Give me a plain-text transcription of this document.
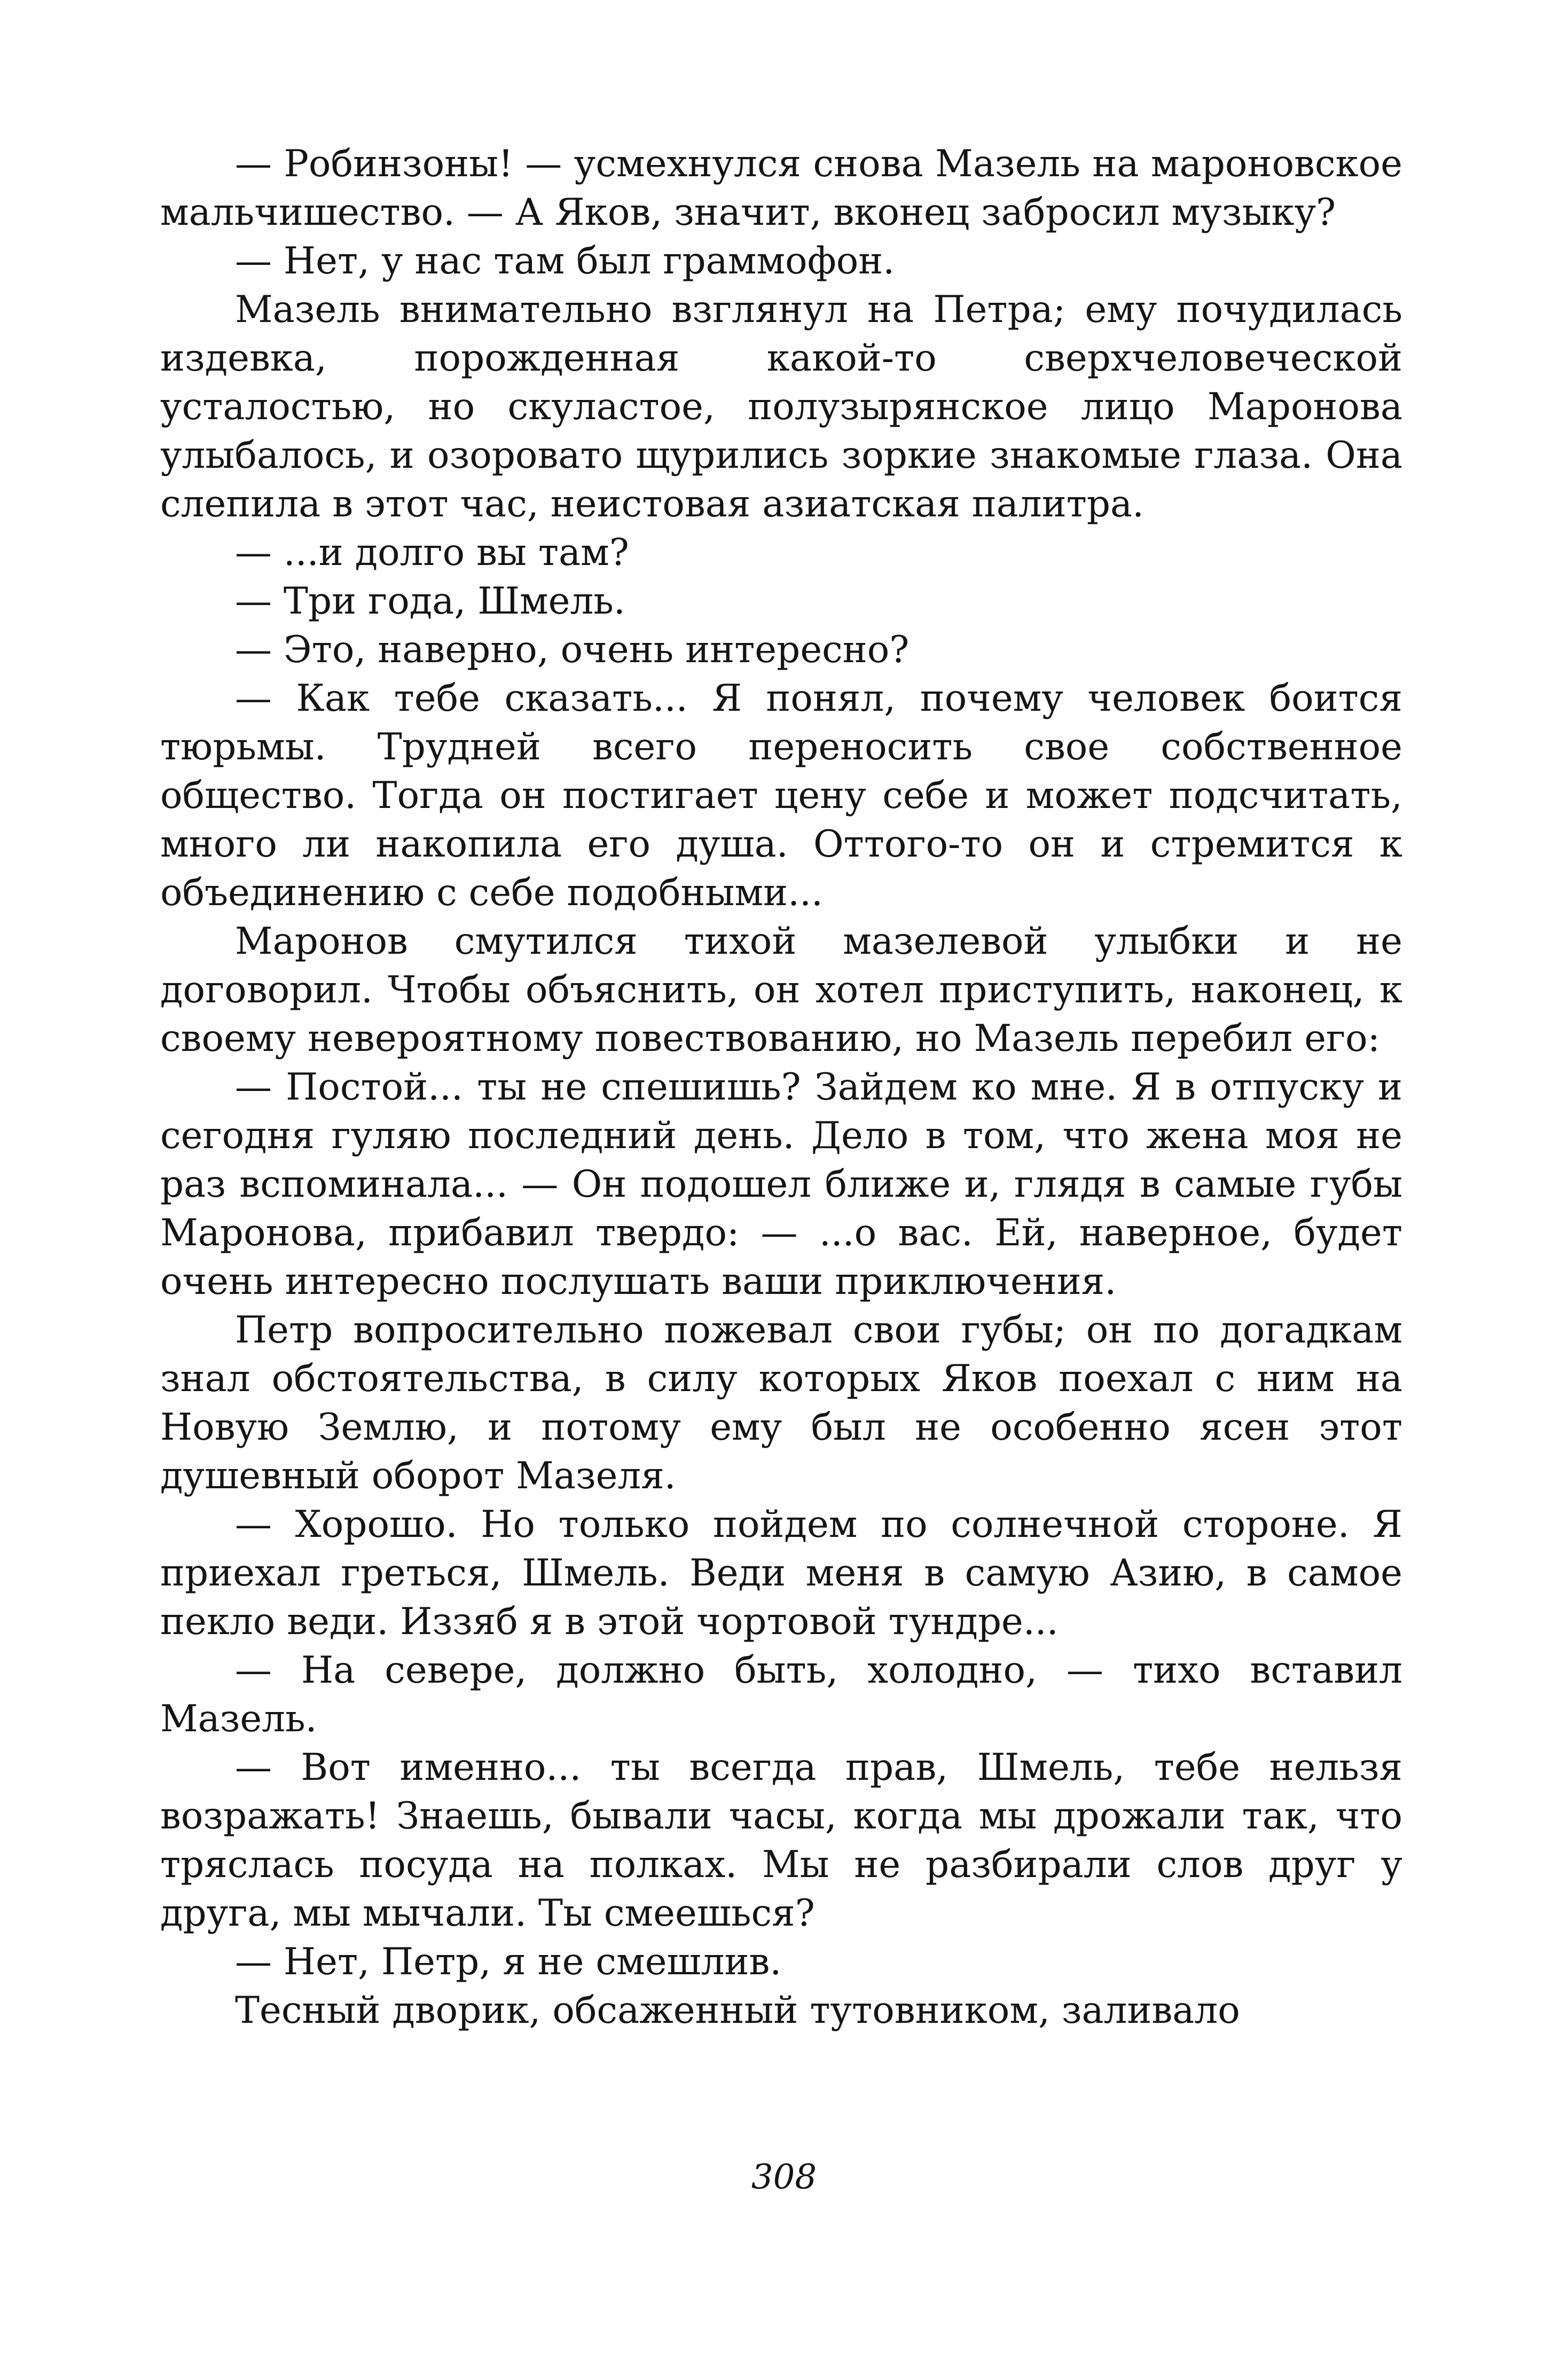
— Робинзоны! — усмехнулся снова Мазель на мароновское мальчишество. — А Яков, значит, вконец забросил музыку?

— Нет, у нас там был граммофон.

Мазель внимательно взглянул на Петра; ему почудилась издевка, порожденная какой-то сверхчеловеческой усталостью, но скуластое, полузырянское лицо Маронова улыбалось, и озоровато щурились зоркие знакомые глаза. Она слепила в этот час, неистовая азиатская палитра.

— ...и долго вы там?

— Три года, Шмель.

— Это, наверно, очень интересно?

— Как тебе сказать... Я понял, почему человек боится тюрьмы. Трудней всего переносить свое собственное общество. Тогда он постигает цену себе и может подсчитать, много ли накопила его душа. Оттого-то он и стремится к объединению с себе подобными...

Маронов смутился тихой мазелевой улыбки и не договорил. Чтобы объяснить, он хотел приступить, наконец, к своему невероятному повествованию, но Мазель перебил его:

— Постой... ты не спешишь? Зайдем ко мне. Я в отпуску и сегодня гуляю последний день. Дело в том, что жена моя не раз вспоминала... — Он подошел ближе и, глядя в самые губы Маронова, прибавил твердо: — ...о вас. Ей, наверное, будет очень интересно послушать ваши приключения.

Петр вопросительно пожевал свои губы; он по догадкам знал обстоятельства, в силу которых Яков поехал с ним на Новую Землю, и потому ему был не особенно ясен этот душевный оборот Мазеля.

— Хорошо. Но только пойдем по солнечной стороне. Я приехал греться, Шмель. Веди меня в самую Азию, в самое пекло веди. Иззяб я в этой чортовой тундре...

— На севере, должно быть, холодно, — тихо вставил Мазель.

— Вот именно... ты всегда прав, Шмель, тебе нельзя возражать! Знаешь, бывали часы, когда мы дрожали так, что тряслась посуда на полках. Мы не разбирали слов друг у друга, мы мычали. Ты смеешься?

— Нет, Петр, я не смешлив.

Тесный дворик, обсаженный тутовником, заливало

308
